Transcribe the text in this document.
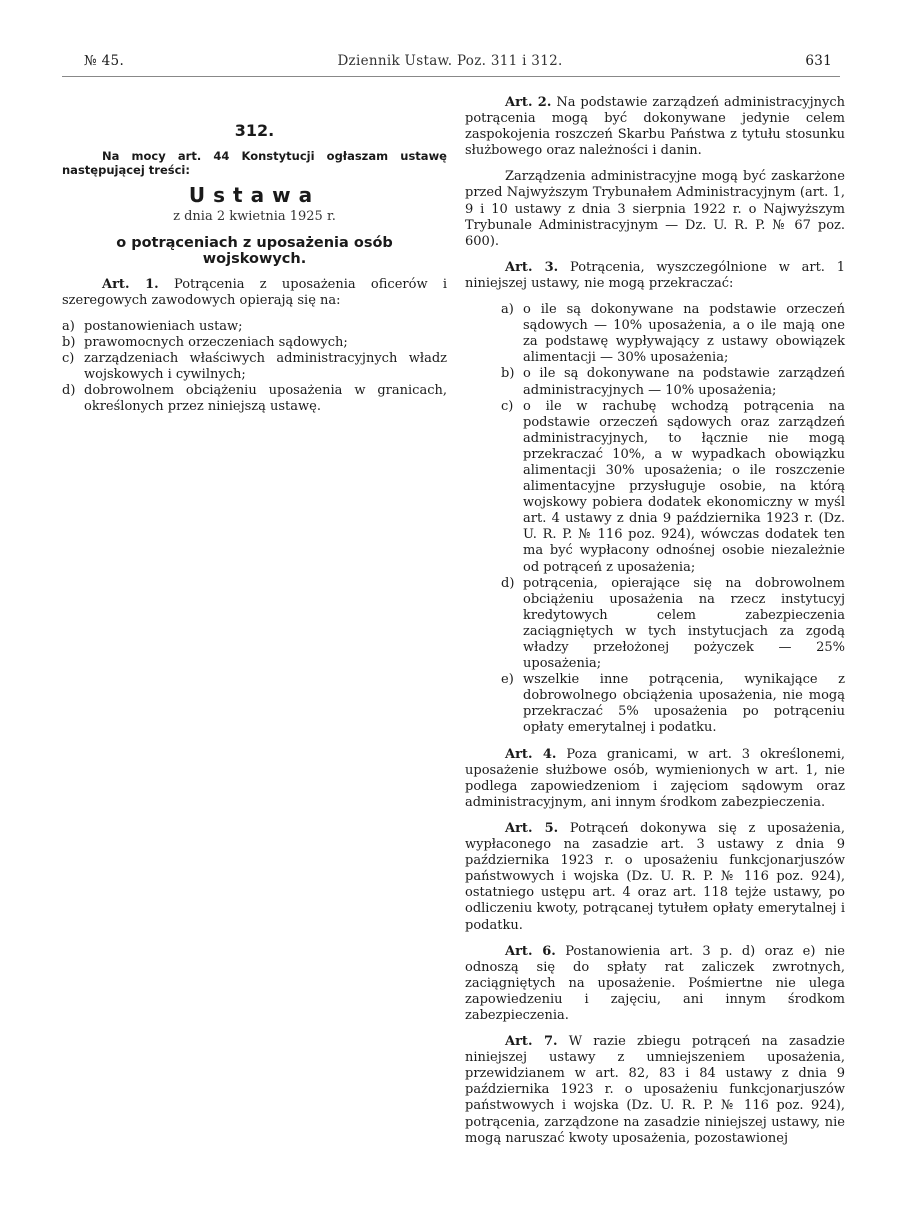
№ 45.	Dziennik Ustaw. Poz. 311 i 312.	631
312.

Na mocy art. 44 Konstytucji ogłaszam ustawę następującej treści:

Ustawa
z dnia 2 kwietnia 1925 r.
o potrąceniach z uposażenia osób wojskowych.

Art. 1. Potrącenia z uposażenia oficerów i szeregowych zawodowych opierają się na:

a) postanowieniach ustaw;
b) prawomocnych orzeczeniach sądowych;
c) zarządzeniach właściwych administracyjnych władz wojskowych i cywilnych;
d) dobrowolnem obciążeniu uposażenia w granicach, określonych przez niniejszą ustawę.

Art. 2. Na podstawie zarządzeń administracyjnych potrącenia mogą być dokonywane jedynie celem zaspokojenia roszczeń Skarbu Państwa z tytułu stosunku służbowego oraz należności i danin.

Zarządzenia administracyjne mogą być zaskarżone przed Najwyższym Trybunałem Administracyjnym (art. 1, 9 i 10 ustawy z dnia 3 sierpnia 1922 r. o Najwyższym Trybunale Administracyjnym — Dz. U. R. P. № 67 poz. 600).

Art. 3. Potrącenia, wyszczególnione w art. 1 niniejszej ustawy, nie mogą przekraczać:

a) o ile są dokonywane na podstawie orzeczeń sądowych — 10% uposażenia, a o ile mają one za podstawę wypływający z ustawy obowiązek alimentacji — 30% uposażenia;
b) o ile są dokonywane na podstawie zarządzeń administracyjnych — 10% uposażenia;
c) o ile w rachubę wchodzą potrącenia na podstawie orzeczeń sądowych oraz zarządzeń administracyjnych, to łącznie nie mogą przekraczać 10%, a w wypadkach obowiązku alimentacji 30% uposażenia; o ile roszczenie alimentacyjne przysługuje osobie, na którą wojskowy pobiera dodatek ekonomiczny w myśl art. 4 ustawy z dnia 9 października 1923 r. (Dz. U. R. P. № 116 poz. 924), wówczas dodatek ten ma być wypłacony odnośnej osobie niezależnie od potrąceń z uposażenia;
d) potrącenia, opierające się na dobrowolnem obciążeniu uposażenia na rzecz instytucyj kredytowych celem zabezpieczenia zaciągniętych w tych instytucjach za zgodą władzy przełożonej pożyczek — 25% uposażenia;
e) wszelkie inne potrącenia, wynikające z dobrowolnego obciążenia uposażenia, nie mogą przekraczać 5% uposażenia po potrąceniu opłaty emerytalnej i podatku.

Art. 4. Poza granicami, w art. 3 określonemi, uposażenie służbowe osób, wymienionych w art. 1, nie podlega zapowiedzeniom i zajęciom sądowym oraz administracyjnym, ani innym środkom zabezpieczenia.

Art. 5. Potrąceń dokonywa się z uposażenia, wypłaconego na zasadzie art. 3 ustawy z dnia 9 października 1923 r. o uposażeniu funkcjonarjuszów państwowych i wojska (Dz. U. R. P. № 116 poz. 924), ostatniego ustępu art. 4 oraz art. 118 tejże ustawy, po odliczeniu kwoty, potrącanej tytułem opłaty emerytalnej i podatku.

Art. 6. Postanowienia art. 3 p. d) oraz e) nie odnoszą się do spłaty rat zaliczek zwrotnych, zaciągniętych na uposażenie. Pośmiertne nie ulega zapowiedzeniu i zajęciu, ani innym środkom zabezpieczenia.

Art. 7. W razie zbiegu potrąceń na zasadzie niniejszej ustawy z umniejszeniem uposażenia, przewidzianem w art. 82, 83 i 84 ustawy z dnia 9 października 1923 r. o uposażeniu funkcjonarjuszów państwowych i wojska (Dz. U. R. P. № 116 poz. 924), potrącenia, zarządzone na zasadzie niniejszej ustawy, nie mogą naruszać kwoty uposażenia, pozostawionej
